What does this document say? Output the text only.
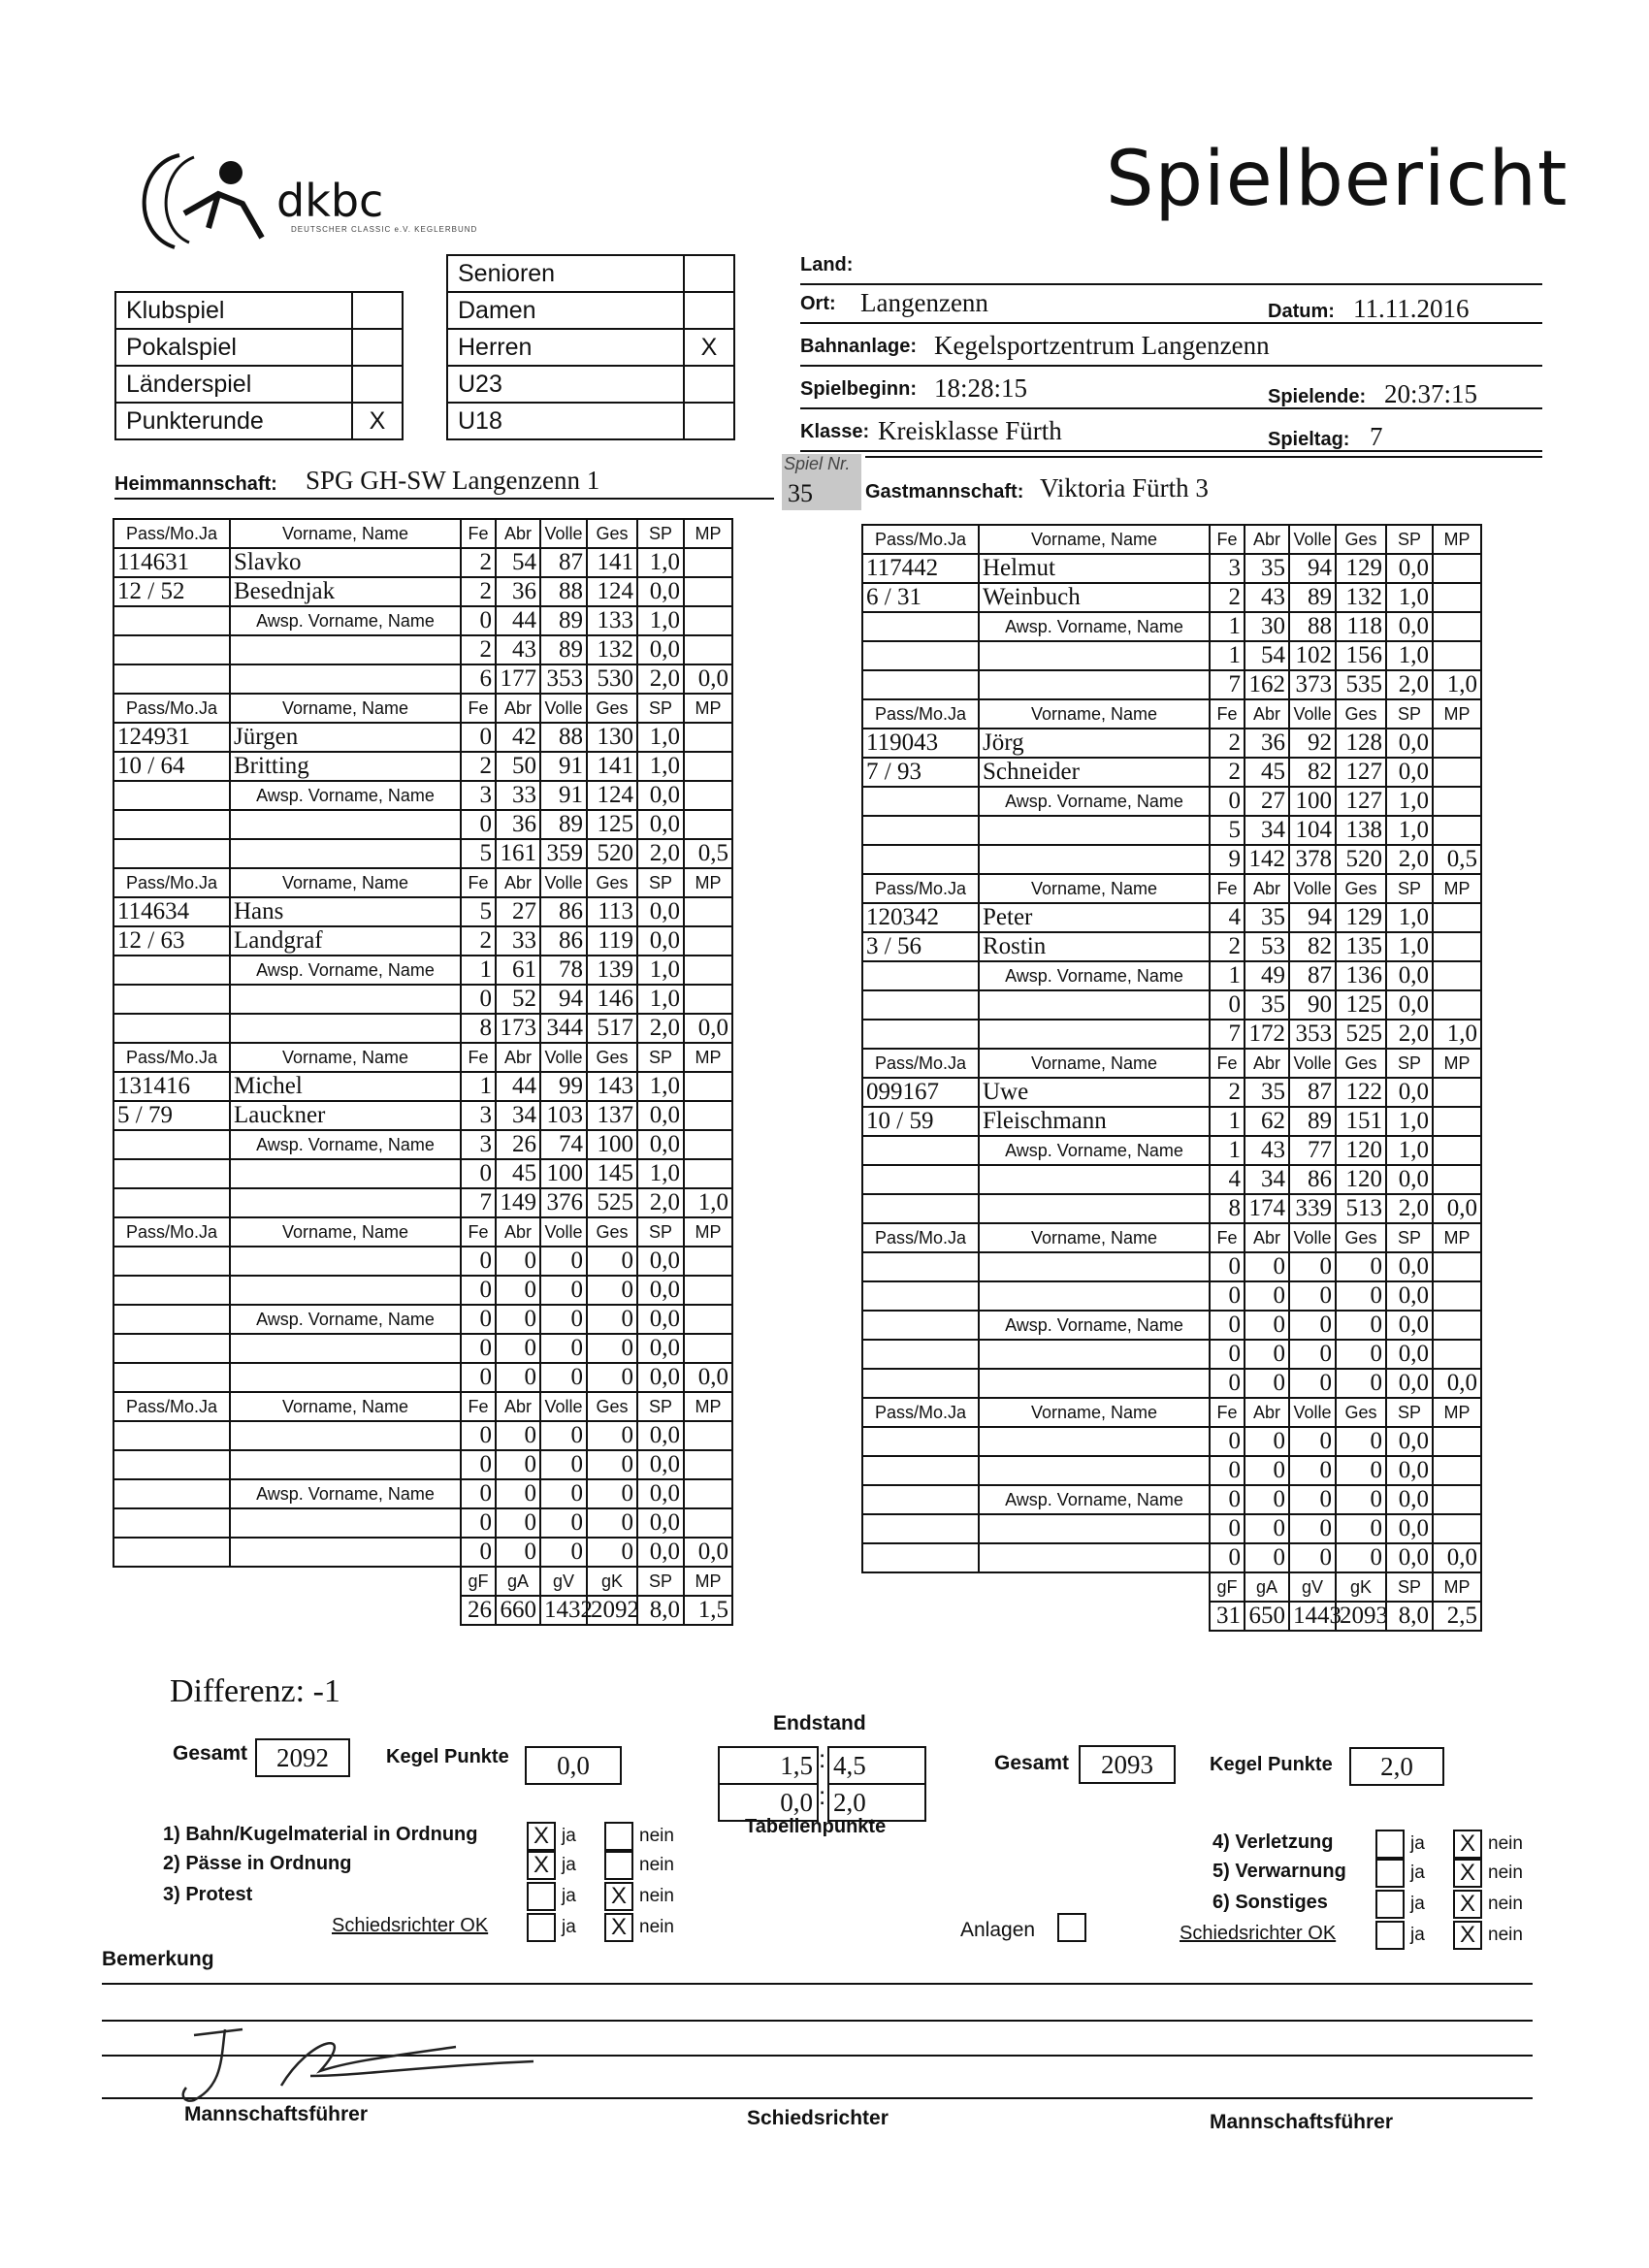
Spielbericht
dkbc
DEUTSCHER CLASSIC e.V. KEGLERBUND
Klubspiel	
Pokalspiel	
Länderspiel	
Punkterunde	X
Senioren	
Damen	
Herren	X
U23	
U18	
Land:
Ort: Langenzenn	Datum: 11.11.2016
Bahnanlage: Kegelsportzentrum Langenzenn
Spielbeginn: 18:28:15	Spielende: 20:37:15
Klasse: Kreisklasse Fürth	Spieltag: 7
Spiel Nr.
35
Heimmannschaft: SPG GH-SW Langenzenn 1	Gastmannschaft: Viktoria Fürth 3
Pass/Mo.Ja	Vorname, Name	Fe	Abr	Volle	Ges	SP	MP
114631	Slavko	2	54	87	141	1,0	
12 / 52	Besednjak	2	36	88	124	0,0	
	Awsp. Vorname, Name	0	44	89	133	1,0	
		2	43	89	132	0,0	
		6	177	353	530	2,0	0,0
Pass/Mo.Ja	Vorname, Name	Fe	Abr	Volle	Ges	SP	MP
124931	Jürgen	0	42	88	130	1,0	
10 / 64	Britting	2	50	91	141	1,0	
	Awsp. Vorname, Name	3	33	91	124	0,0	
		0	36	89	125	0,0	
		5	161	359	520	2,0	0,5
Pass/Mo.Ja	Vorname, Name	Fe	Abr	Volle	Ges	SP	MP
114634	Hans	5	27	86	113	0,0	
12 / 63	Landgraf	2	33	86	119	0,0	
	Awsp. Vorname, Name	1	61	78	139	1,0	
		0	52	94	146	1,0	
		8	173	344	517	2,0	0,0
Pass/Mo.Ja	Vorname, Name	Fe	Abr	Volle	Ges	SP	MP
131416	Michel	1	44	99	143	1,0	
5 / 79	Lauckner	3	34	103	137	0,0	
	Awsp. Vorname, Name	3	26	74	100	0,0	
		0	45	100	145	1,0	
		7	149	376	525	2,0	1,0
Pass/Mo.Ja	Vorname, Name	Fe	Abr	Volle	Ges	SP	MP
		0	0	0	0	0,0	
		0	0	0	0	0,0	
	Awsp. Vorname, Name	0	0	0	0	0,0	
		0	0	0	0	0,0	
		0	0	0	0	0,0	0,0
Pass/Mo.Ja	Vorname, Name	Fe	Abr	Volle	Ges	SP	MP
		0	0	0	0	0,0	
		0	0	0	0	0,0	
	Awsp. Vorname, Name	0	0	0	0	0,0	
		0	0	0	0	0,0	
		0	0	0	0	0,0	0,0
		gF	gA	gV	gK	SP	MP
		26	660	1432	2092	8,0	1,5
Pass/Mo.Ja	Vorname, Name	Fe	Abr	Volle	Ges	SP	MP
117442	Helmut	3	35	94	129	0,0	
6 / 31	Weinbuch	2	43	89	132	1,0	
	Awsp. Vorname, Name	1	30	88	118	0,0	
		1	54	102	156	1,0	
		7	162	373	535	2,0	1,0
Pass/Mo.Ja	Vorname, Name	Fe	Abr	Volle	Ges	SP	MP
119043	Jörg	2	36	92	128	0,0	
7 / 93	Schneider	2	45	82	127	0,0	
	Awsp. Vorname, Name	0	27	100	127	1,0	
		5	34	104	138	1,0	
		9	142	378	520	2,0	0,5
Pass/Mo.Ja	Vorname, Name	Fe	Abr	Volle	Ges	SP	MP
120342	Peter	4	35	94	129	1,0	
3 / 56	Rostin	2	53	82	135	1,0	
	Awsp. Vorname, Name	1	49	87	136	0,0	
		0	35	90	125	0,0	
		7	172	353	525	2,0	1,0
Pass/Mo.Ja	Vorname, Name	Fe	Abr	Volle	Ges	SP	MP
099167	Uwe	2	35	87	122	0,0	
10 / 59	Fleischmann	1	62	89	151	1,0	
	Awsp. Vorname, Name	1	43	77	120	1,0	
		4	34	86	120	0,0	
		8	174	339	513	2,0	0,0
Pass/Mo.Ja	Vorname, Name	Fe	Abr	Volle	Ges	SP	MP
		0	0	0	0	0,0	
		0	0	0	0	0,0	
	Awsp. Vorname, Name	0	0	0	0	0,0	
		0	0	0	0	0,0	
		0	0	0	0	0,0	0,0
Pass/Mo.Ja	Vorname, Name	Fe	Abr	Volle	Ges	SP	MP
		0	0	0	0	0,0	
		0	0	0	0	0,0	
	Awsp. Vorname, Name	0	0	0	0	0,0	
		0	0	0	0	0,0	
		0	0	0	0	0,0	0,0
		gF	gA	gV	gK	SP	MP
		31	650	1443	2093	8,0	2,5
Differenz: -1
Gesamt	2092	Kegel Punkte	0,0
Endstand
1,5 : 4,5
0,0 : 2,0
Tabellenpunkte
Gesamt	2093	Kegel Punkte	2,0
1) Bahn/Kugelmaterial in Ordnung X ja	nein
2) Pässe in Ordnung	X ja	nein
3) Protest	ja X nein
Schiedsrichter OK	ja X nein
4) Verletzung	ja X nein
5) Verwarnung	ja X nein
6) Sonstiges	ja X nein
Schiedsrichter OK	ja X nein
Anlagen
Bemerkung
Mannschaftsführer	Schiedsrichter	Mannschaftsführer
